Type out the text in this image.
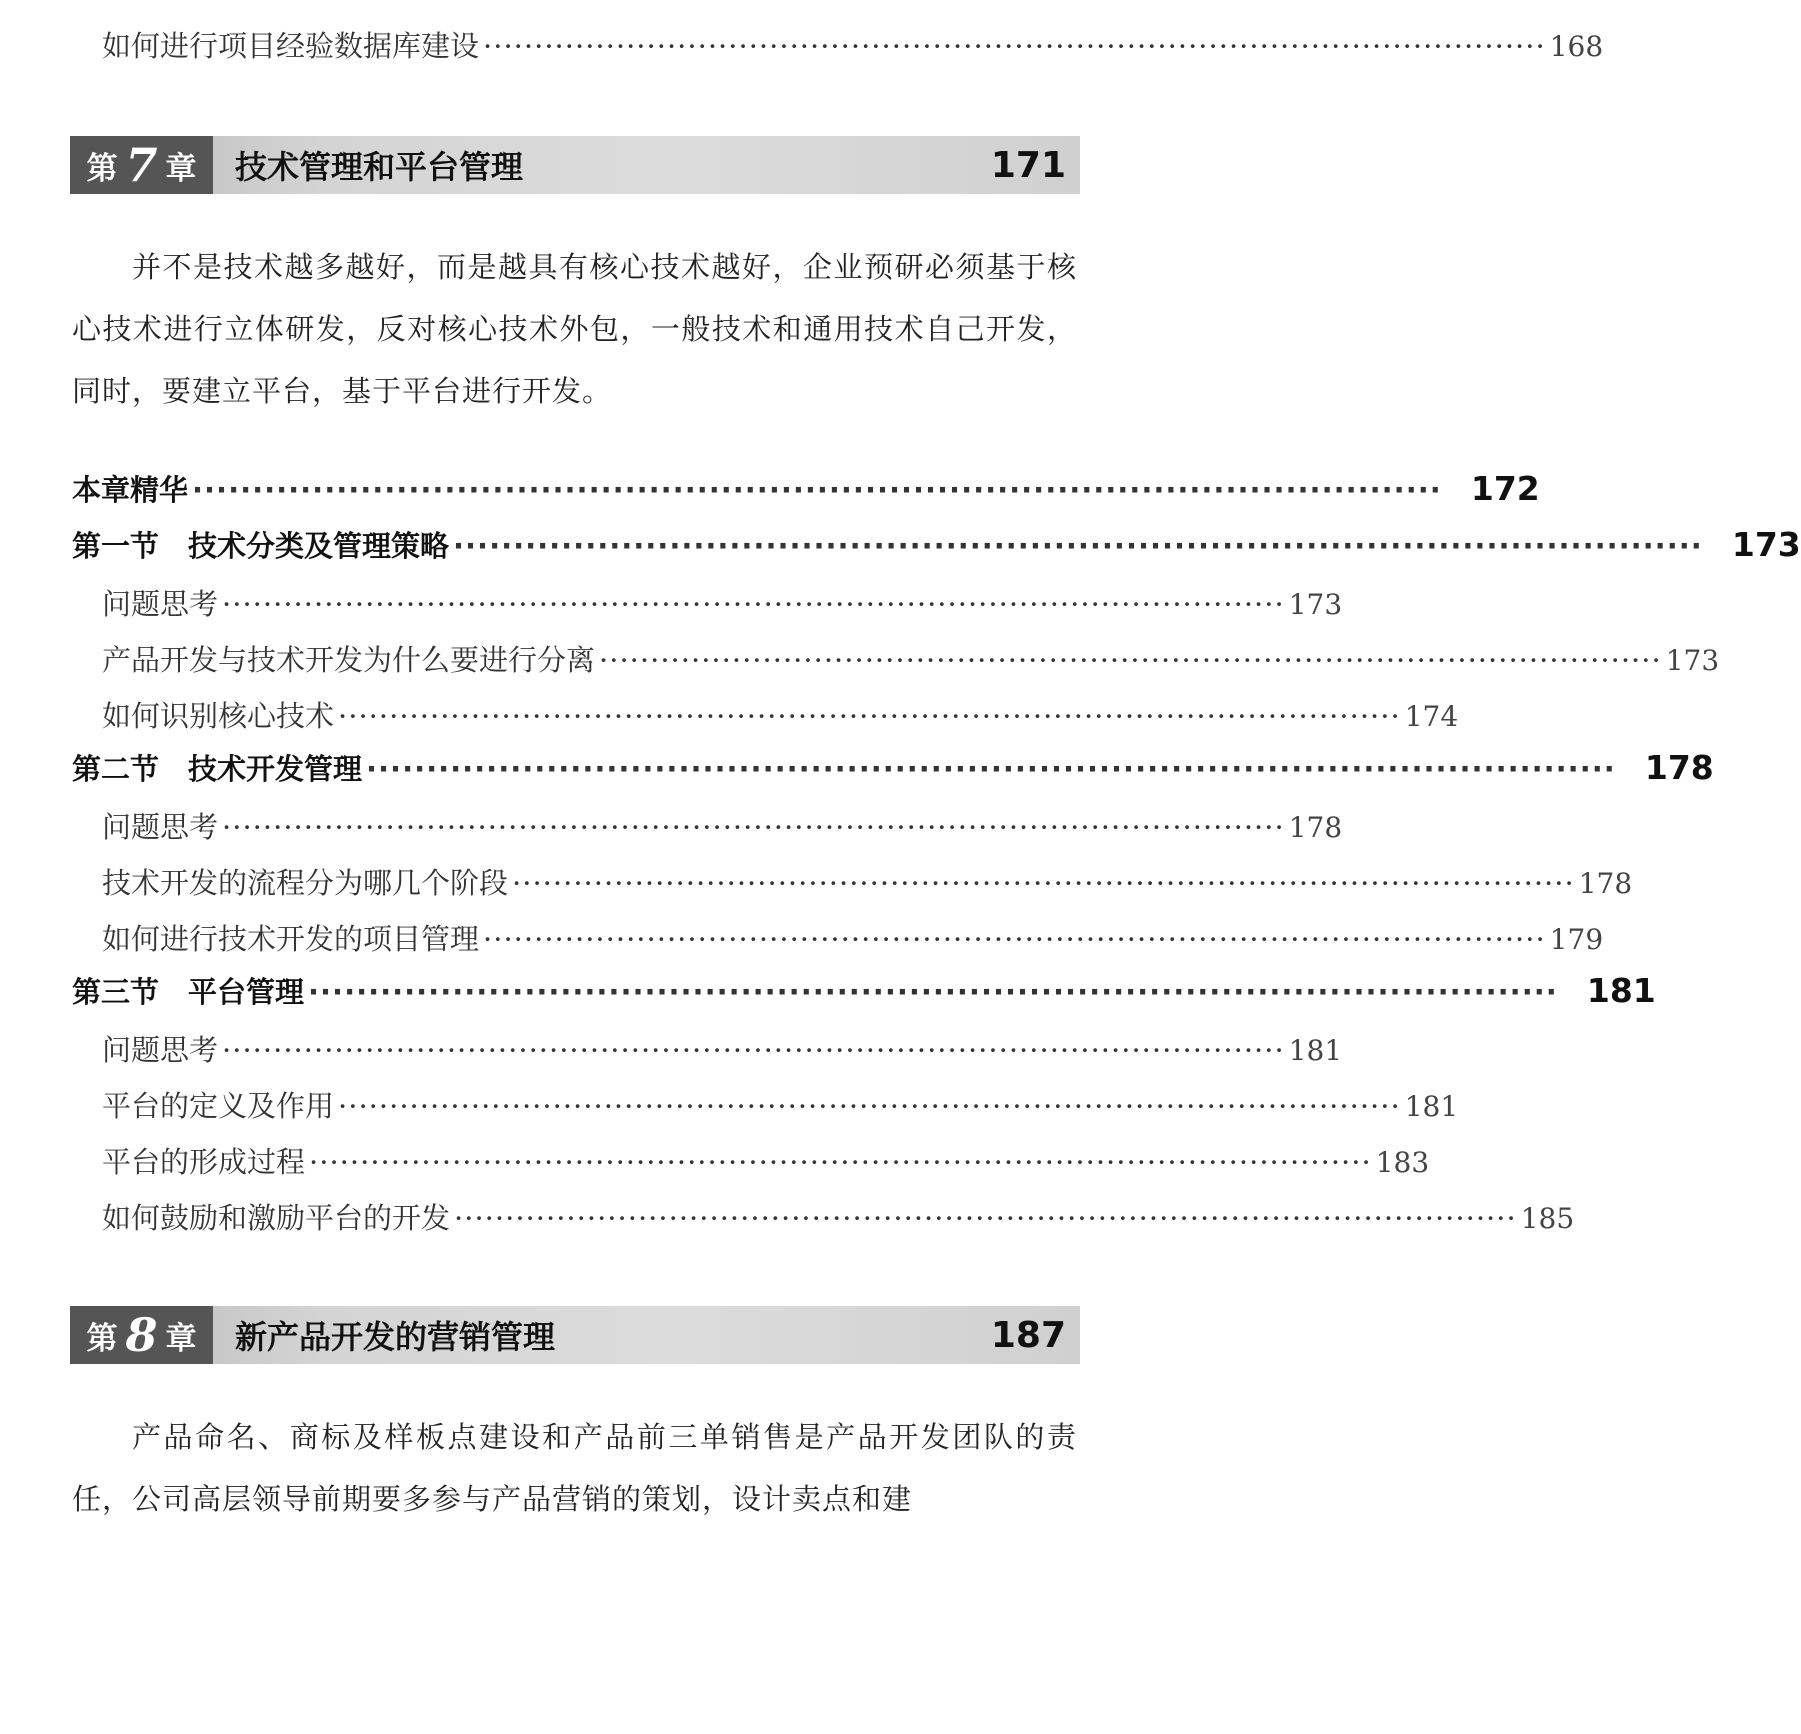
如何进行项目经验数据库建设 ········································································································ 168
第 7 章 技术管理和平台管理	171

并不是技术越多越好，而是越具有核心技术越好，企业预研必须基于核心技术进行立体研发，反对核心技术外包，一般技术和通用技术自己开发，同时，要建立平台，基于平台进行开发。

本章精华 ········································································································ 172
第一节　技术分类及管理策略 ········································································································ 173
问题思考 ········································································································ 173
产品开发与技术开发为什么要进行分离 ········································································································ 173
如何识别核心技术 ········································································································ 174
第二节　技术开发管理 ········································································································ 178
问题思考 ········································································································ 178
技术开发的流程分为哪几个阶段 ········································································································ 178
如何进行技术开发的项目管理 ········································································································ 179
第三节　平台管理 ········································································································ 181
问题思考 ········································································································ 181
平台的定义及作用 ········································································································ 181
平台的形成过程 ········································································································ 183
如何鼓励和激励平台的开发 ········································································································ 185
第 8 章 新产品开发的营销管理	187

产品命名、商标及样板点建设和产品前三单销售是产品开发团队的责任，公司高层领导前期要多参与产品营销的策划，设计卖点和建
